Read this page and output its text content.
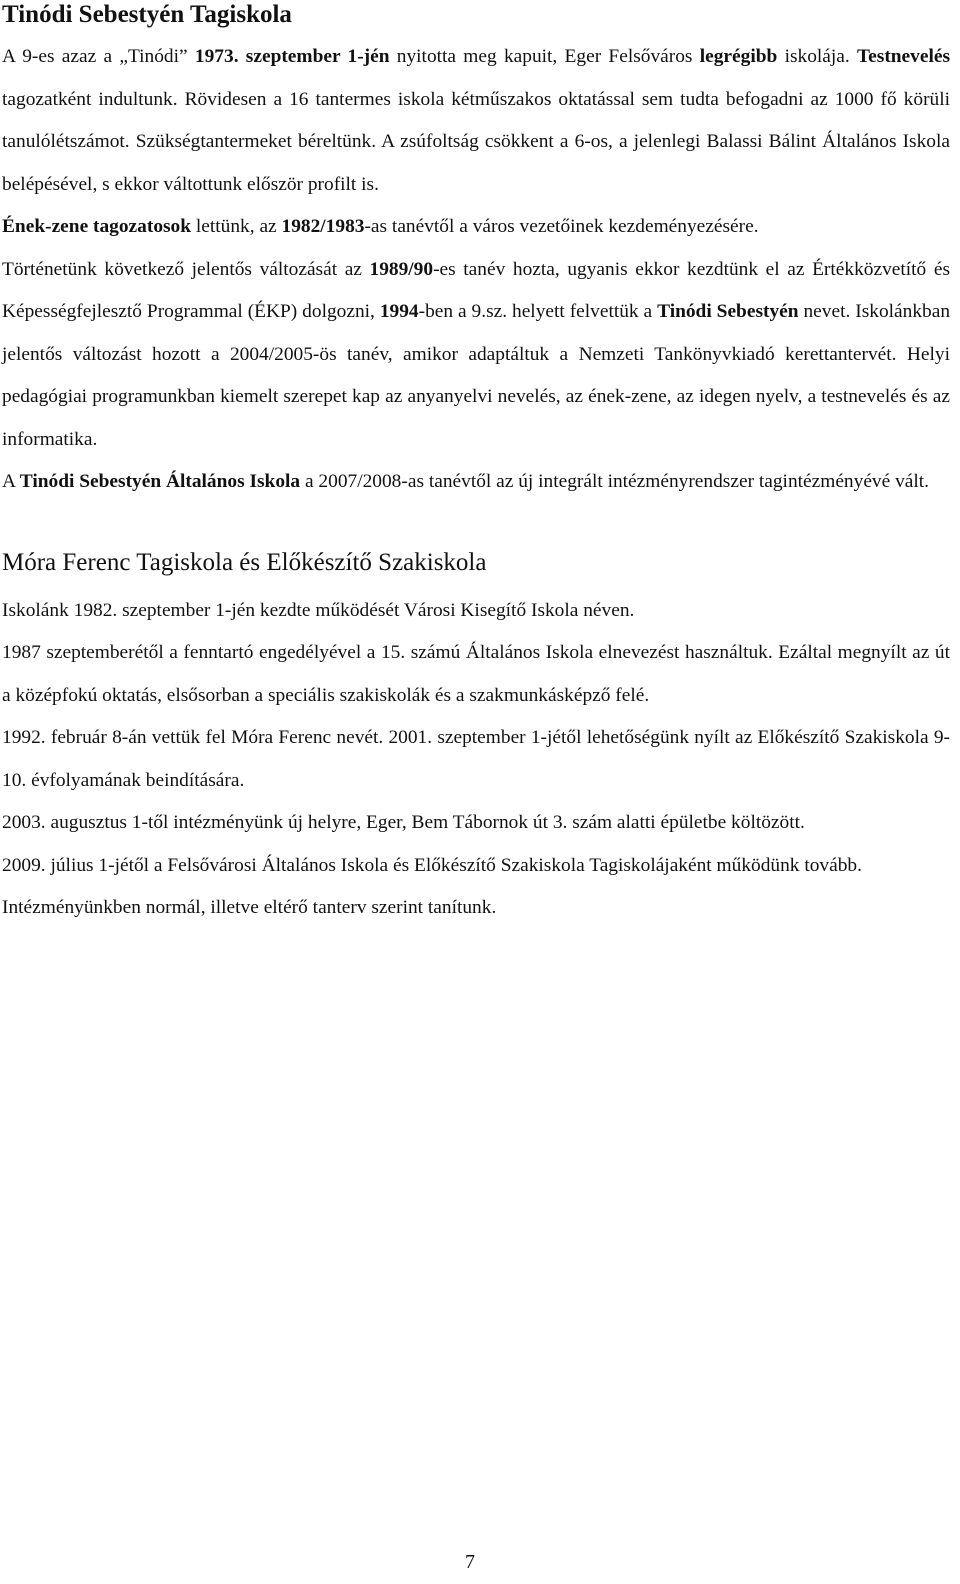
Tinódi Sebestyén Tagiskola

A 9-es azaz a „Tinódi” 1973. szeptember 1-jén nyitotta meg kapuit, Eger Felsőváros legrégibb iskolája. Testnevelés tagozatként indultunk. Rövidesen a 16 tantermes iskola kétműszakos oktatással sem tudta befogadni az 1000 fő körüli tanulólétszámot. Szükségtantermeket béreltünk. A zsúfoltság csökkent a 6-os, a jelenlegi Balassi Bálint Általános Iskola belépésével, s ekkor váltottunk először profilt is.

Ének-zene tagozatosok lettünk, az 1982/1983-as tanévtől a város vezetőinek kezdeményezésére.

Történetünk következő jelentős változását az 1989/90-es tanév hozta, ugyanis ekkor kezdtünk el az Értékközvetítő és Képességfejlesztő Programmal (ÉKP) dolgozni, 1994-ben a 9.sz. helyett felvettük a Tinódi Sebestyén nevet. Iskolánkban jelentős változást hozott a 2004/2005-ös tanév, amikor adaptáltuk a Nemzeti Tankönyvkiadó kerettantervét. Helyi pedagógiai programunkban kiemelt szerepet kap az anyanyelvi nevelés, az ének-zene, az idegen nyelv, a testnevelés és az informatika.

A Tinódi Sebestyén Általános Iskola a 2007/2008-as tanévtől az új integrált intézményrendszer tagintézményévé vált.

Móra Ferenc Tagiskola és Előkészítő Szakiskola

Iskolánk 1982. szeptember 1-jén kezdte működését Városi Kisegítő Iskola néven.

1987 szeptemberétől a fenntartó engedélyével a 15. számú Általános Iskola elnevezést használtuk. Ezáltal megnyílt az út a középfokú oktatás, elsősorban a speciális szakiskolák és a szakmunkásképző felé.

1992. február 8-án vettük fel Móra Ferenc nevét. 2001. szeptember 1-jétől lehetőségünk nyílt az Előkészítő Szakiskola 9-10. évfolyamának beindítására.

2003. augusztus 1-től intézményünk új helyre, Eger, Bem Tábornok út 3. szám alatti épületbe költözött.

2009. július 1-jétől a Felsővárosi Általános Iskola és Előkészítő Szakiskola Tagiskolájaként működünk tovább.

Intézményünkben normál, illetve eltérő tanterv szerint tanítunk.

7
